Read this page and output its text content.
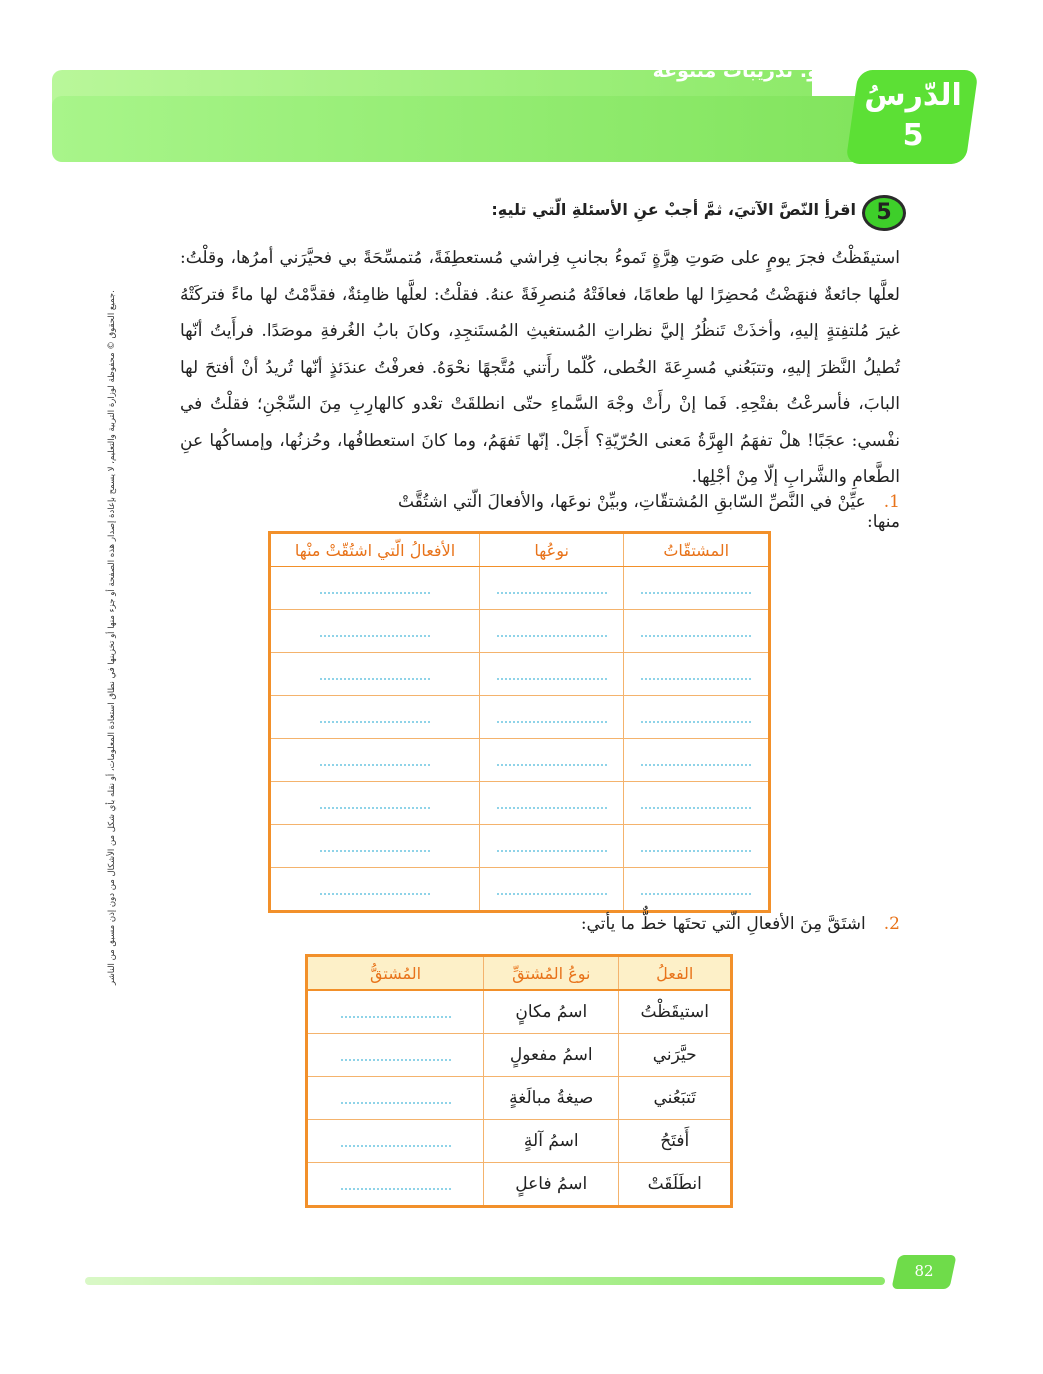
نحوٌ: تدريباتٌ متنوّعةٌ
الدّرسُ
5
5
اقرأِ النّصَّ الآتيَ، ثمَّ أجبْ عنِ الأسئلةِ الّتي تليهِ:
استيقَظْتُ فجرَ يومٍ على صَوتِ هِرَّةٍ تَموءُ بجانبِ فِراشي مُستعطِفَةً، مُتمسِّحَةً بي فحيَّرَني أمرُها، وقلْتُ: لعلَّها جائعةٌ فنهَضْتُ مُحضِرًا لها طعامًا، فعافَتْهُ مُنصرِفَةً عنهُ. فقلْتُ: لعلَّها ظامِئةٌ، فقدَّمْتُ لها ماءً فتركَتْهُ غيرَ مُلتفِتةٍ إليهِ، وأخذَتْ تَنظُرُ إليَّ نظراتِ المُستغيثِ المُستَنجِدِ، وكانَ بابُ الغُرفةِ موصَدًا. فرأَيتُ أنّها تُطيلُ النَّظرَ إليهِ، وتتبَعُني مُسرِعَةَ الخُطى، كُلّما رأَتني مُتَّجهًا نحْوَهُ. فعرفْتُ عندَئذٍ أنّها تُريدُ أنْ أفتحَ لها البابَ، فأسرعْتُ بفتْحِهِ. فَما إنْ رأَتْ وجْهَ السَّماءِ حتّى انطلقَتْ تعْدو كالهارِبِ مِنَ السِّجْنِ؛ فقلْتُ في نفْسي: عجَبًا! هلْ تفهَمُ الهِرَّةُ مَعنى الحُرّيّةِ؟ أَجَلْ. إنّها تَفهَمُ، وما كانَ استعطافُها، وحُزنُها، وإمساكُها عنِ الطَّعامِ والشَّرابِ إلّا مِنْ أجْلِها.
جميع الحقوق © محفوظة لوزارة التربية والتعليم، لا يسمح بإعادة إصدار هذه الصفحة أو جزء منها أو تخزينها في نطاق استعادة المعلومات، أو نقله بأي شكل من الأشكال من دون إذن مسبق من الناشر.
1.عيِّنْ في النَّصِّ السّابقِ المُشتقّاتِ، وبيِّنْ نوعَها، والأفعالَ الّتي اشتُقَّتْ منها:
المشتقّاتُ	نوعُها	الأفعالُ الّتي اشتُقّتْ منْها

2.اشتَقَّ مِنَ الأفعالِ الّتي تحتَها خطٌّ ما يأتي:
الفعلُ	نوعُ المُشتقِّ	المُشتقُّ
استيقَظْتُ	اسمُ مكانٍ	
حيَّرَني	اسمُ مفعولٍ	
تَتبَعُني	صيغةُ مبالَغةٍ	
أَفتَحُ	اسمُ آلةٍ	
انطَلَقَتْ	اسمُ فاعلٍ	
82
